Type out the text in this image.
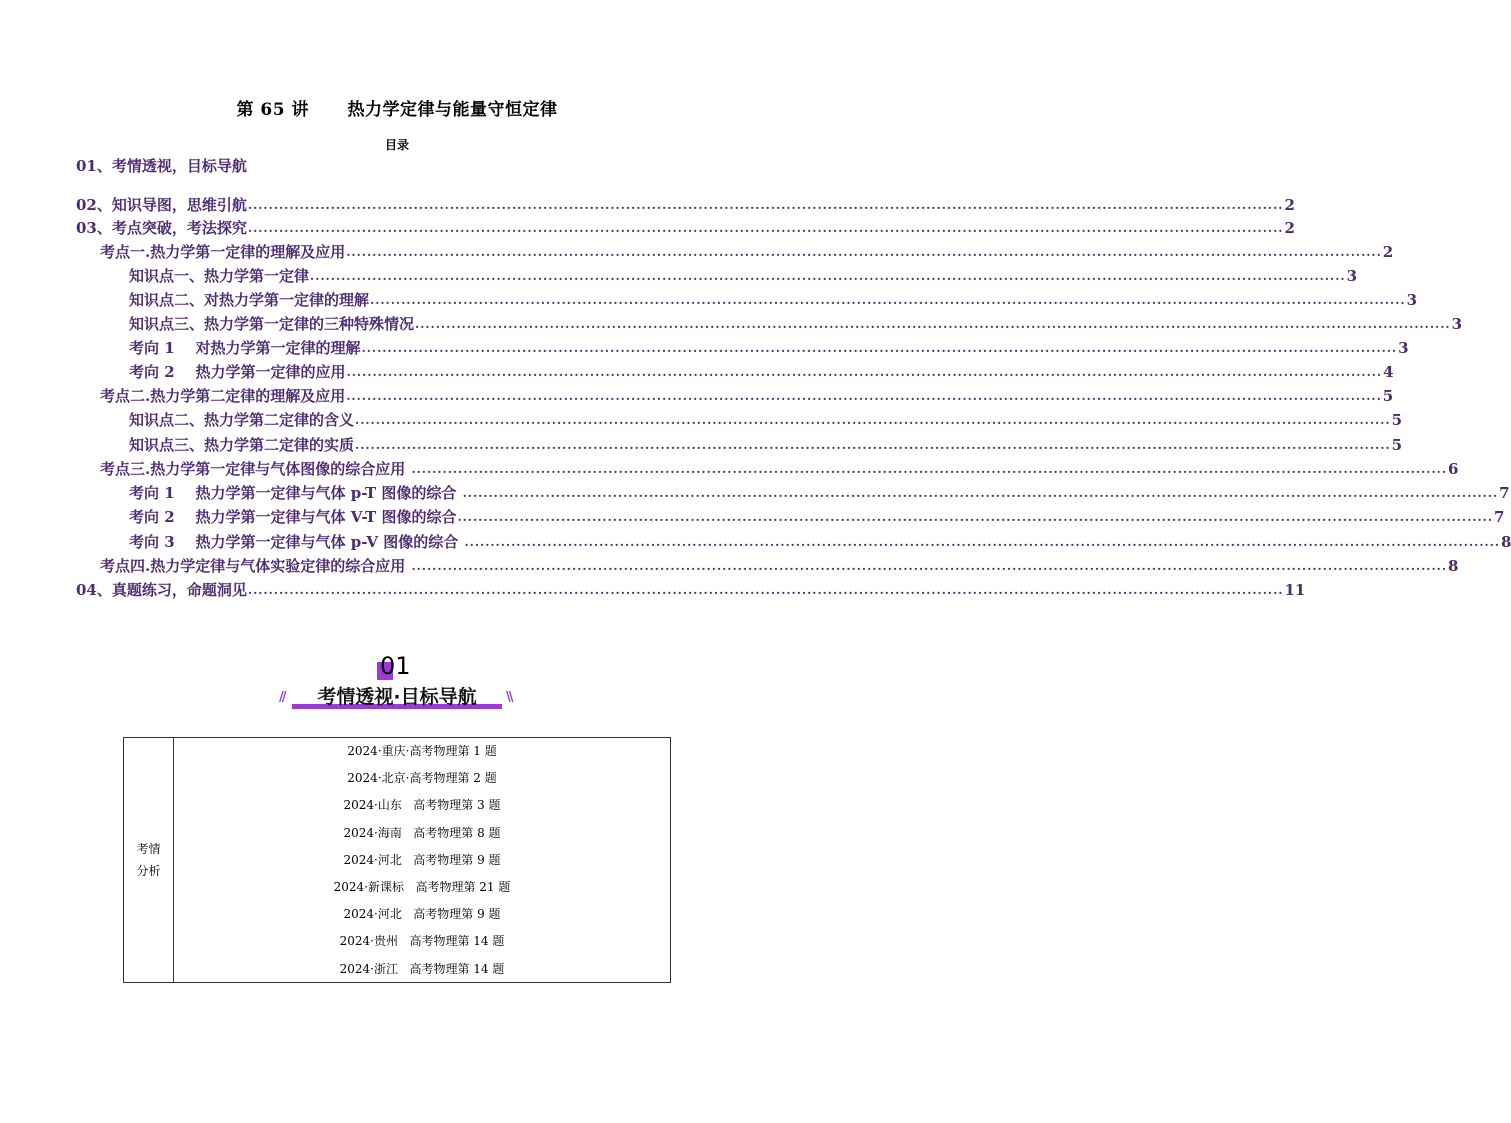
第 65 讲      热力学定律与能量守恒定律
目录
01、考情透视，目标导航
02、知识导图，思维引航 ........................................................................................................................................................................................................ 2
03、考点突破，考法探究 ........................................................................................................................................................................................................ 2
考点一.热力学第一定律的理解及应用 ........................................................................................................................................................................................................ 2
知识点一、热力学第一定律 ........................................................................................................................................................................................................ 3
知识点二、对热力学第一定律的理解 ........................................................................................................................................................................................................ 3
知识点三、热力学第一定律的三种特殊情况 ........................................................................................................................................................................................................ 3
考向 1    对热力学第一定律的理解 ........................................................................................................................................................................................................ 3
考向 2    热力学第一定律的应用 ........................................................................................................................................................................................................ 4
考点二.热力学第二定律的理解及应用 ........................................................................................................................................................................................................ 5
知识点二、热力学第二定律的含义 ........................................................................................................................................................................................................ 5
知识点三、热力学第二定律的实质 ........................................................................................................................................................................................................ 5
考点三.热力学第一定律与气体图像的综合应用 ........................................................................................................................................................................................................ 6
考向 1    热力学第一定律与气体 p-T 图像的综合 ........................................................................................................................................................................................................ 7
考向 2    热力学第一定律与气体 V-T 图像的综合 ........................................................................................................................................................................................................ 7
考向 3    热力学第一定律与气体 p-V 图像的综合 ........................................................................................................................................................................................................ 8
考点四.热力学定律与气体实验定律的综合应用 ........................................................................................................................................................................................................ 8
04、真题练习，命题洞见 ........................................................................................................................................................................................................ 11
01
//	考情透视·目标导航	\\
考情
分析
2024·重庆·高考物理第 1 题
2024·北京·高考物理第 2 题
2024·山东   高考物理第 3 题
2024·海南   高考物理第 8 题
2024·河北   高考物理第 9 题
2024·新课标   高考物理第 21 题
2024·河北   高考物理第 9 题
2024·贵州   高考物理第 14 题
2024·浙江   高考物理第 14 题
